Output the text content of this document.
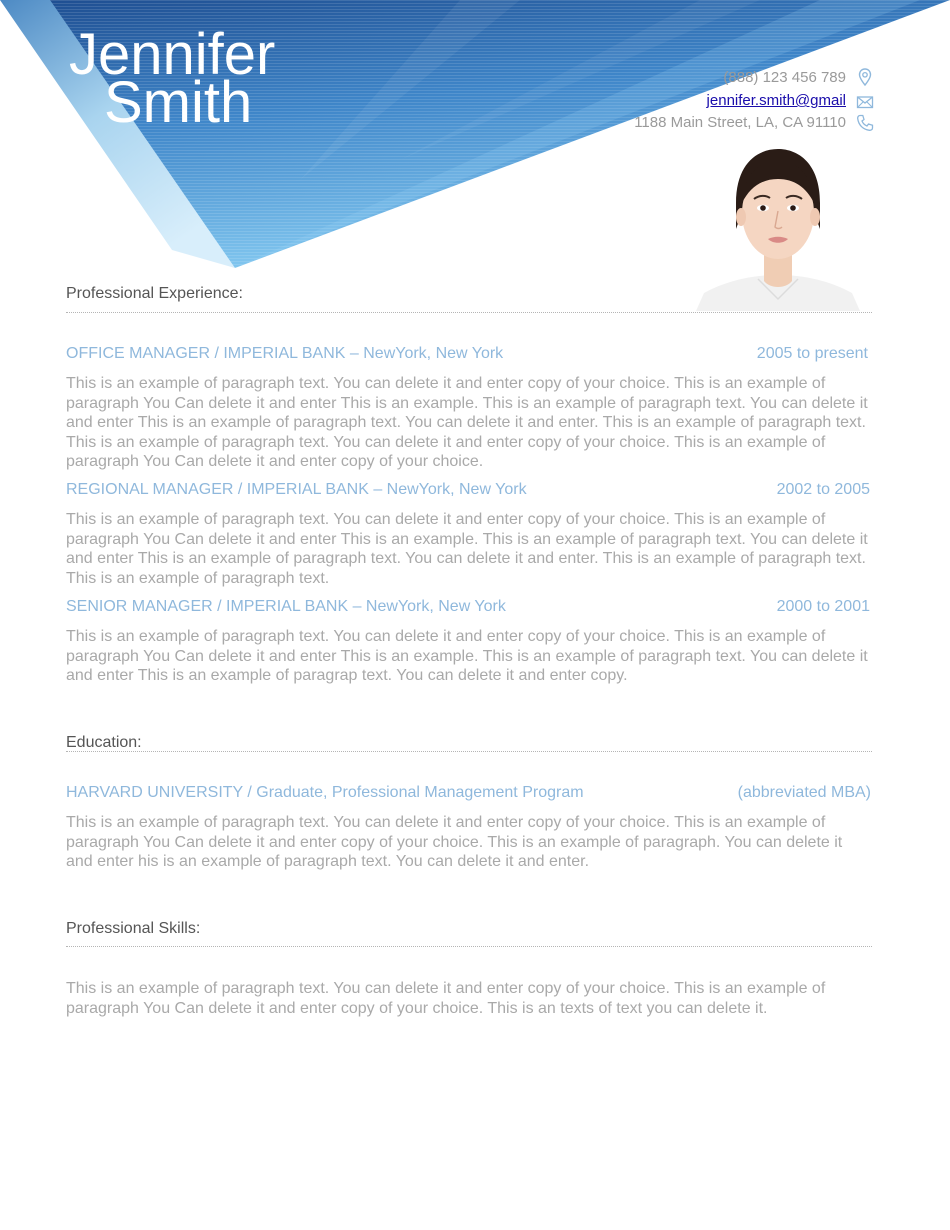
Jennifer
Smith	(888) 123 456 789
jennifer.smith@gmail
1188 Main Street, LA, CA 91110
Professional Experience:
OFFICE MANAGER / IMPERIAL BANK – NewYork, New York	2005 to present

This is an example of paragraph text. You can delete it and enter copy of your choice. This is an example of paragraph You Can delete it and enter This is an example. This is an example of paragraph text. You can delete it and enter This is an example of paragraph text. You can delete it and enter. This is an example of paragraph text. This is an example of paragraph text. You can delete it and enter copy of your choice. This is an example of paragraph You Can delete it and enter copy of your choice.

REGIONAL MANAGER / IMPERIAL BANK – NewYork, New York	2002 to 2005

This is an example of paragraph text. You can delete it and enter copy of your choice. This is an example of paragraph You Can delete it and enter This is an example. This is an example of paragraph text. You can delete it and enter This is an example of paragraph text. You can delete it and enter. This is an example of paragraph text. This is an example of paragraph text.

SENIOR MANAGER / IMPERIAL BANK – NewYork, New York	2000 to 2001

This is an example of paragraph text. You can delete it and enter copy of your choice. This is an example of paragraph You Can delete it and enter This is an example. This is an example of paragraph text. You can delete it and enter This is an example of paragrap text. You can delete it and enter copy.

Education:
HARVARD UNIVERSITY / Graduate, Professional Management Program	(abbreviated MBA)

This is an example of paragraph text. You can delete it and enter copy of your choice. This is an example of paragraph You Can delete it and enter copy of your choice. This is an example of paragraph. You can delete it and enter his is an example of paragraph text. You can delete it and enter.

Professional Skills:

This is an example of paragraph text. You can delete it and enter copy of your choice. This is an example of paragraph You Can delete it and enter copy of your choice. This is an texts of text you can delete it.
